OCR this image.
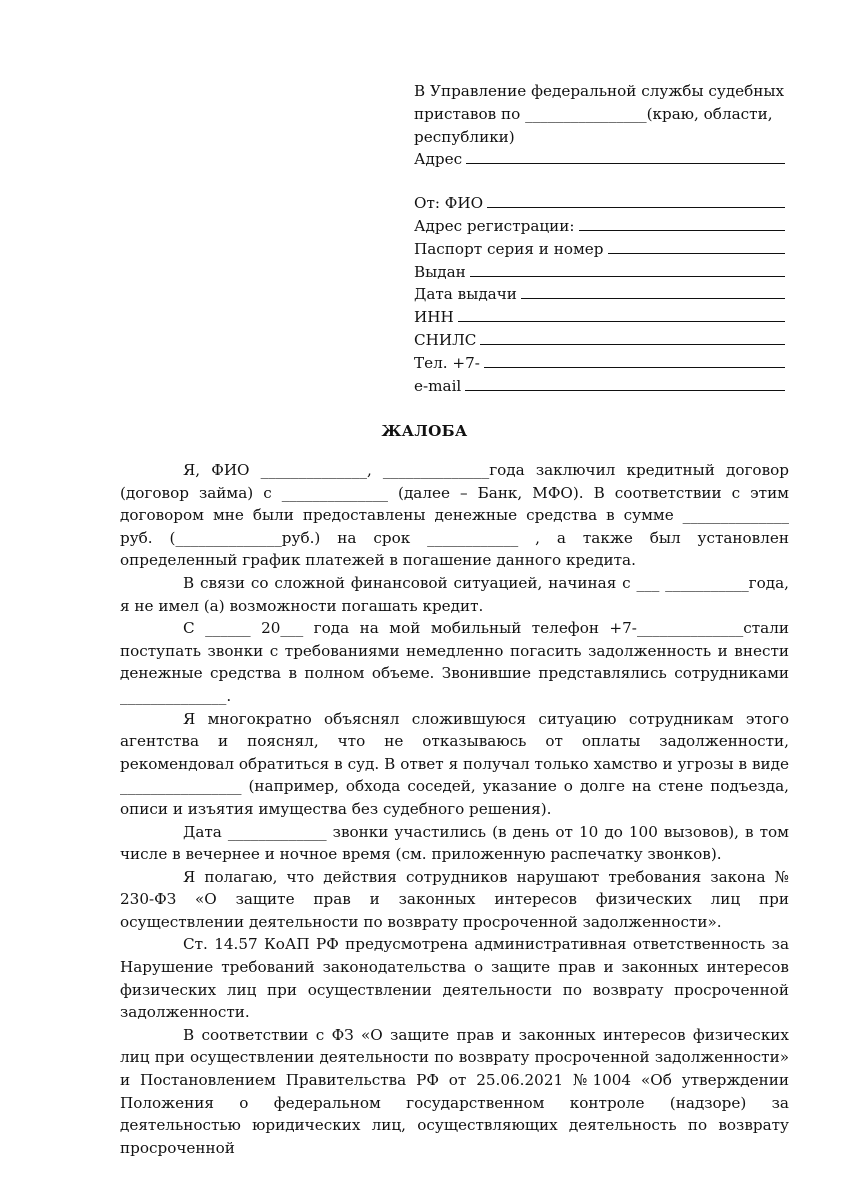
В Управление федеральной службы судебных

приставов по ________________(краю, области,

республики)

Адрес
От: ФИО
Адрес регистрации:
Паспорт серия и номер
Выдан
Дата выдачи
ИНН
СНИЛС
Тел. +7-
e-mail
ЖАЛОБА

Я, ФИО ______________, ______________года заключил кредитный договор (договор займа) с ______________ (далее – Банк, МФО). В соответствии с этим договором мне были предоставлены денежные средства в сумме ______________ руб. (______________руб.) на срок ____________ , а также был установлен определенный график платежей в погашение данного кредита.

В связи со сложной финансовой ситуацией, начиная с ___ ___________года, я не имел (а) возможности погашать кредит.

С ______ 20___ года на мой мобильный телефон +7-______________стали поступать звонки с требованиями немедленно погасить задолженность и внести денежные средства в полном объеме. Звонившие представлялись сотрудниками ______________.

Я многократно объяснял сложившуюся ситуацию сотрудникам этого агентства и пояснял, что не отказываюсь от оплаты задолженности, рекомендовал обратиться в суд. В ответ я получал только хамство и угрозы в виде ________________ (например, обхода соседей, указание о долге на стене подъезда, описи и изъятия имущества без судебного решения).

Дата _____________ звонки участились (в день от 10 до 100 вызовов), в том числе в вечернее и ночное время (см. приложенную распечатку звонков).

Я полагаю, что действия сотрудников нарушают требования закона № 230-ФЗ «О защите прав и законных интересов физических лиц при осуществлении деятельности по возврату просроченной задолженности».

Ст. 14.57 КоАП РФ предусмотрена административная ответственность за Нарушение требований законодательства о защите прав и законных интересов физических лиц при осуществлении деятельности по возврату просроченной задолженности.

В соответствии с ФЗ «О защите прав и законных интересов физических лиц при осуществлении деятельности по возврату просроченной задолженности» и Постановлением Правительства РФ от 25.06.2021 №1004 «Об утверждении Положения о федеральном государственном контроле (надзоре) за деятельностью юридических лиц, осуществляющих деятельность по возврату просроченной
